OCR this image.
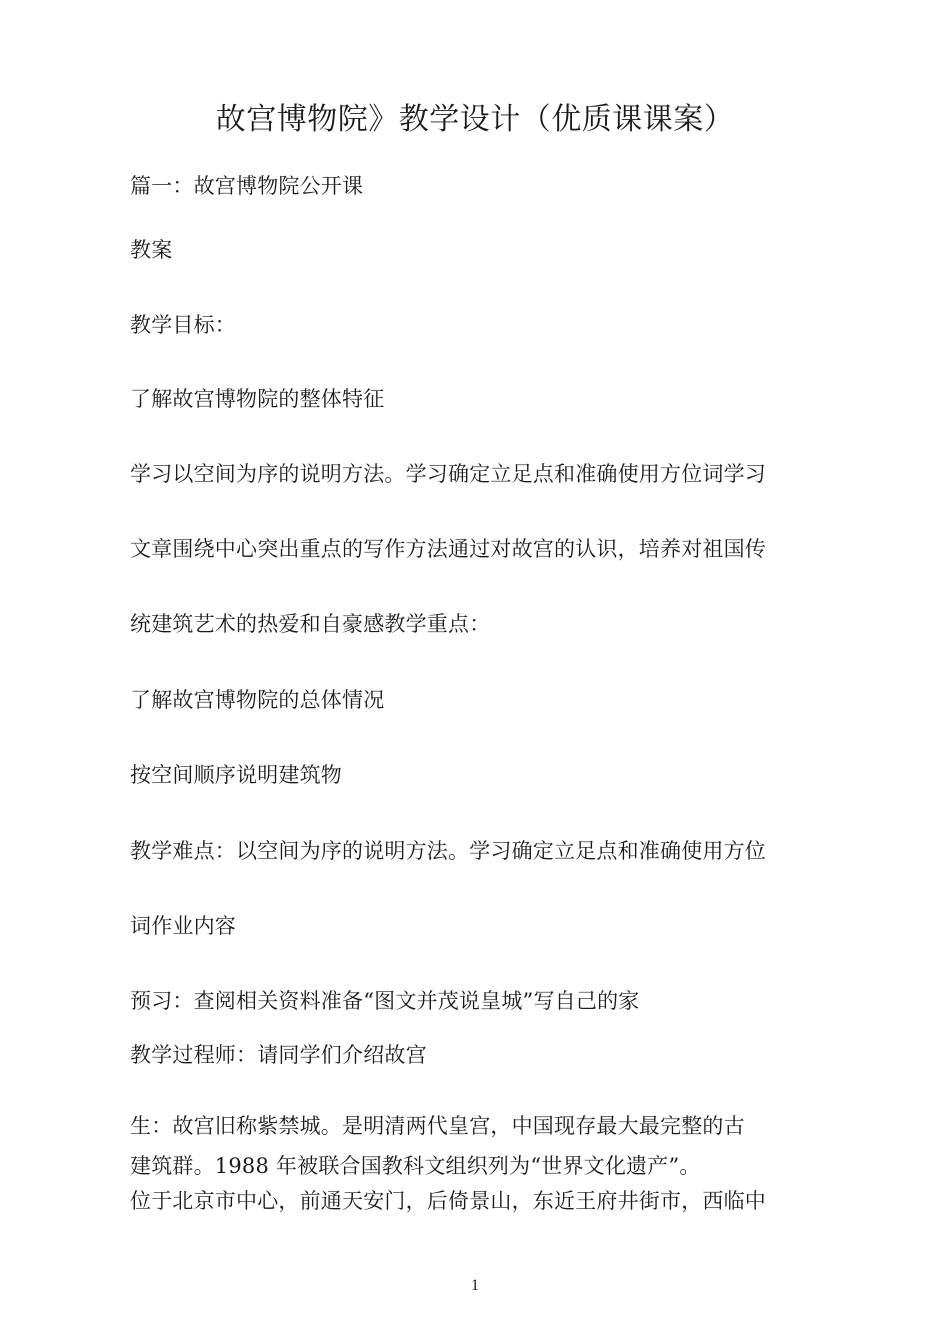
故宫博物院》教学设计（优质课课案）
篇一：故宫博物院公开课
教案
教学目标：
了解故宫博物院的整体特征
学习以空间为序的说明方法。学习确定立足点和准确使用方位词学习
文章围绕中心突出重点的写作方法通过对故宫的认识，培养对祖国传
统建筑艺术的热爱和自豪感教学重点：
了解故宫博物院的总体情况
按空间顺序说明建筑物
教学难点：以空间为序的说明方法。学习确定立足点和准确使用方位
词作业内容
预习：查阅相关资料准备“图文并茂说皇城”写自己的家
教学过程师：请同学们介绍故宫
生：故宫旧称紫禁城。是明清两代皇宫，中国现存最大最完整的古
建筑群。1988 年被联合国教科文组织列为“世界文化遗产”。
位于北京市中心，前通天安门，后倚景山，东近王府井街市，西临中
1
